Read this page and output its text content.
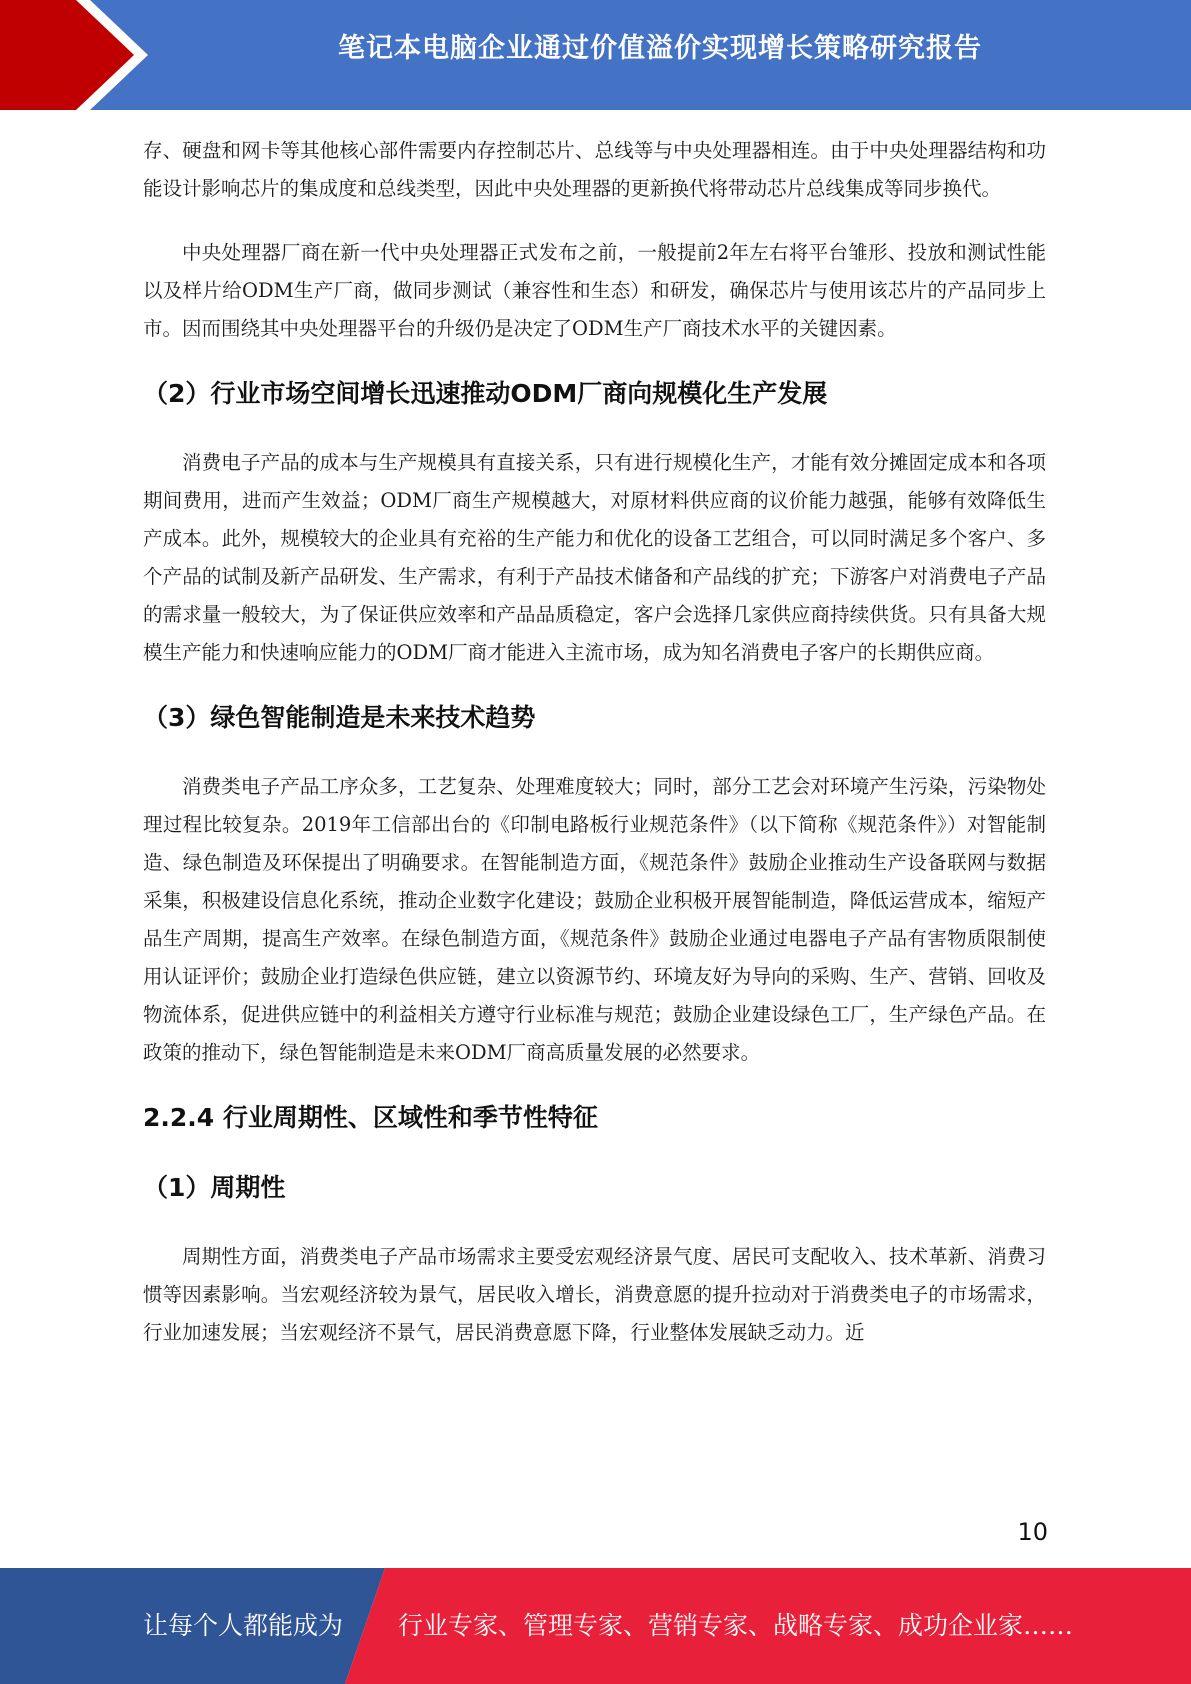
笔记本电脑企业通过价值溢价实现增长策略研究报告

存、硬盘和网卡等其他核心部件需要内存控制芯片、总线等与中央处理器相连。由于中央处理器结构和功能设计影响芯片的集成度和总线类型，因此中央处理器的更新换代将带动芯片总线集成等同步换代。

中央处理器厂商在新一代中央处理器正式发布之前，一般提前2年左右将平台雏形、投放和测试性能以及样片给ODM生产厂商，做同步测试（兼容性和生态）和研发，确保芯片与使用该芯片的产品同步上市。因而围绕其中央处理器平台的升级仍是决定了ODM生产厂商技术水平的关键因素。

（2）行业市场空间增长迅速推动ODM厂商向规模化生产发展

消费电子产品的成本与生产规模具有直接关系，只有进行规模化生产，才能有效分摊固定成本和各项期间费用，进而产生效益；ODM厂商生产规模越大，对原材料供应商的议价能力越强，能够有效降低生产成本。此外，规模较大的企业具有充裕的生产能力和优化的设备工艺组合，可以同时满足多个客户、多个产品的试制及新产品研发、生产需求，有利于产品技术储备和产品线的扩充；下游客户对消费电子产品的需求量一般较大，为了保证供应效率和产品品质稳定，客户会选择几家供应商持续供货。只有具备大规模生产能力和快速响应能力的ODM厂商才能进入主流市场，成为知名消费电子客户的长期供应商。

（3）绿色智能制造是未来技术趋势

消费类电子产品工序众多，工艺复杂、处理难度较大；同时，部分工艺会对环境产生污染，污染物处理过程比较复杂。2019年工信部出台的《印制电路板行业规范条件》（以下简称《规范条件》）对智能制造、绿色制造及环保提出了明确要求。在智能制造方面，《规范条件》鼓励企业推动生产设备联网与数据采集，积极建设信息化系统，推动企业数字化建设；鼓励企业积极开展智能制造，降低运营成本，缩短产品生产周期，提高生产效率。在绿色制造方面，《规范条件》鼓励企业通过电器电子产品有害物质限制使用认证评价；鼓励企业打造绿色供应链，建立以资源节约、环境友好为导向的采购、生产、营销、回收及物流体系，促进供应链中的利益相关方遵守行业标准与规范；鼓励企业建设绿色工厂，生产绿色产品。在政策的推动下，绿色智能制造是未来ODM厂商高质量发展的必然要求。

2.2.4 行业周期性、区域性和季节性特征
（1）周期性

周期性方面，消费类电子产品市场需求主要受宏观经济景气度、居民可支配收入、技术革新、消费习惯等因素影响。当宏观经济较为景气，居民收入增长，消费意愿的提升拉动对于消费类电子的市场需求，行业加速发展；当宏观经济不景气，居民消费意愿下降，行业整体发展缺乏动力。近

10
让每个人都能成为 行业专家、管理专家、营销专家、战略专家、成功企业家……
